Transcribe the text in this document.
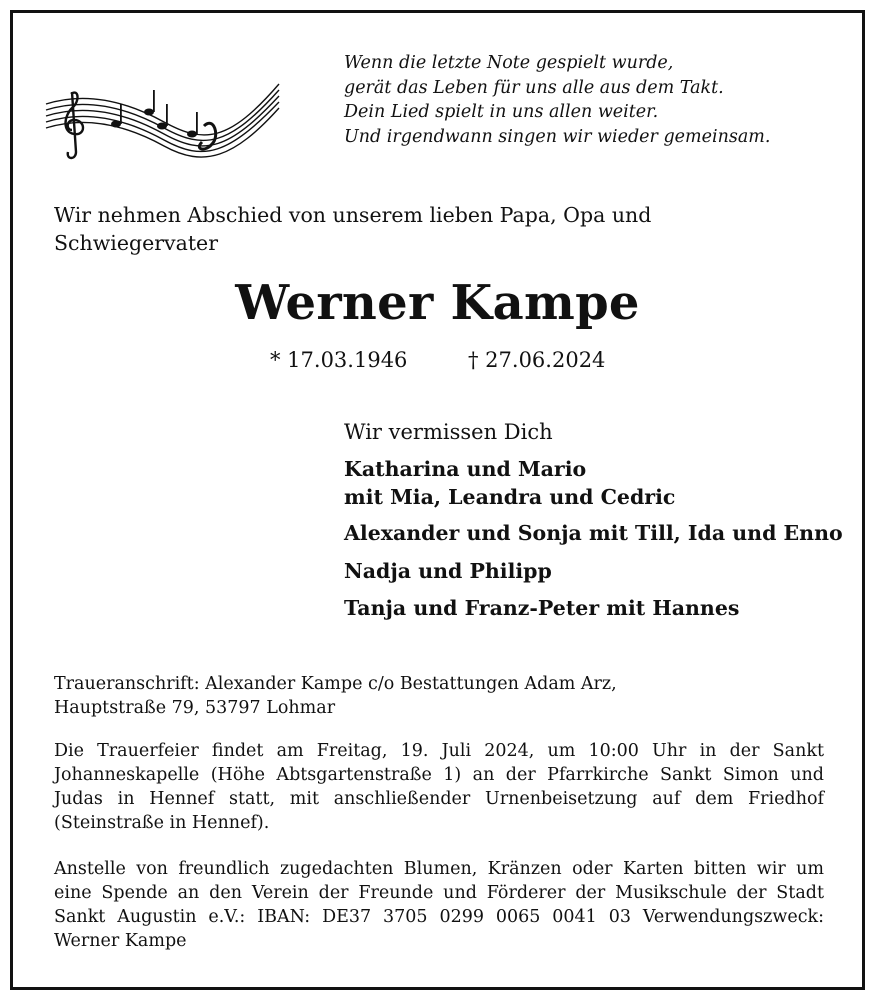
Wenn die letzte Note gespielt wurde,
gerät das Leben für uns alle aus dem Takt.
Dein Lied spielt in uns allen weiter.
Und irgendwann singen wir wieder gemeinsam.
Wir nehmen Abschied von unserem lieben Papa, Opa und
Schwiegervater
Werner Kampe
* 17.03.1946	† 27.06.2024
Wir vermissen Dich
Katharina und Mario
mit Mia, Leandra und Cedric
Alexander und Sonja mit Till, Ida und Enno
Nadja und Philipp
Tanja und Franz-Peter mit Hannes
Traueranschrift: Alexander Kampe c/o Bestattungen Adam Arz,
Hauptstraße 79, 53797 Lohmar
Die Trauerfeier findet am Freitag, 19. Juli 2024, um 10:00 Uhr in der Sankt
Johanneskapelle (Höhe Abtsgartenstraße 1) an der Pfarrkirche Sankt Simon und
Judas in Hennef statt, mit anschließender Urnenbeisetzung auf dem Friedhof
(Steinstraße in Hennef).
Anstelle von freundlich zugedachten Blumen, Kränzen oder Karten bitten wir um
eine Spende an den Verein der Freunde und Förderer der Musikschule der Stadt
Sankt Augustin e.V.: IBAN: DE37 3705 0299 0065 0041 03 Verwendungszweck:
Werner Kampe
